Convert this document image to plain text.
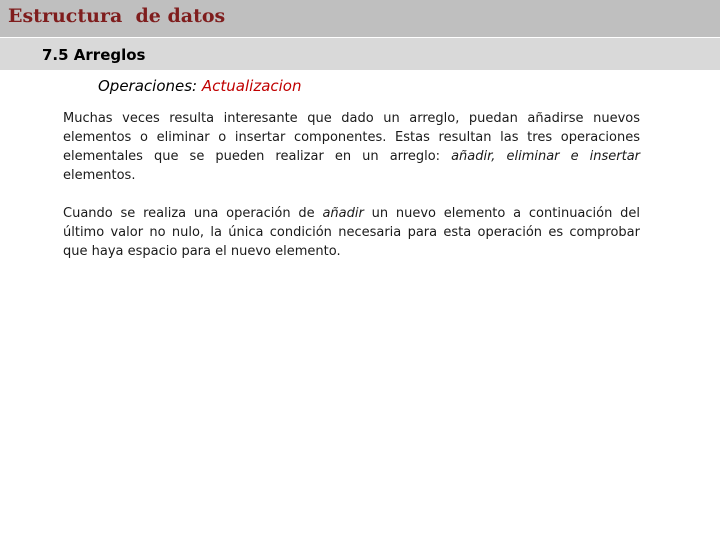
Estructura  de datos
7.5 Arreglos
Operaciones: Actualizacion

Muchas veces resulta interesante que dado un arreglo, puedan añadirse nuevos elementos o eliminar o insertar componentes. Estas resultan las tres operaciones elementales que se pueden realizar en un arreglo: añadir, eliminar e insertar elementos.

Cuando se realiza una operación de añadir un nuevo elemento a continuación del último valor no nulo, la única condición necesaria para esta operación es comprobar que haya espacio para el nuevo elemento.
